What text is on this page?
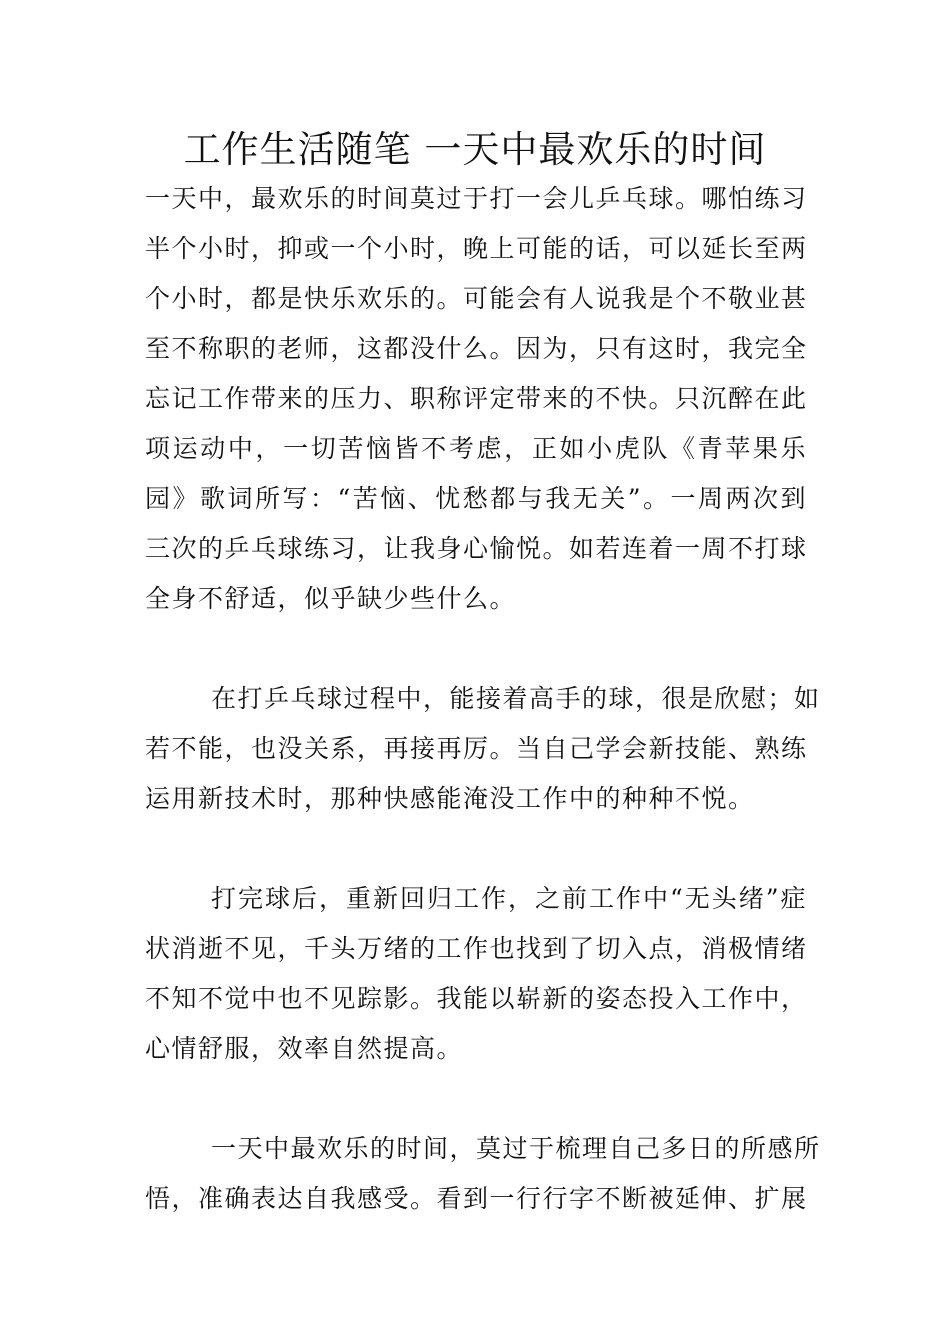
工作生活随笔 一天中最欢乐的时间
一天中，最欢乐的时间莫过于打一会儿乒乓球。哪怕练习
半个小时，抑或一个小时，晚上可能的话，可以延长至两
个小时，都是快乐欢乐的。可能会有人说我是个不敬业甚
至不称职的老师，这都没什么。因为，只有这时，我完全
忘记工作带来的压力、职称评定带来的不快。只沉醉在此
项运动中，一切苦恼皆不考虑，正如小虎队《青苹果乐
园》歌词所写：“苦恼、忧愁都与我无关”。一周两次到
三次的乒乓球练习，让我身心愉悦。如若连着一周不打球
全身不舒适，似乎缺少些什么。
在打乒乓球过程中，能接着高手的球，很是欣慰；如
若不能，也没关系，再接再厉。当自己学会新技能、熟练
运用新技术时，那种快感能淹没工作中的种种不悦。
打完球后，重新回归工作，之前工作中“无头绪”症
状消逝不见，千头万绪的工作也找到了切入点，消极情绪
不知不觉中也不见踪影。我能以崭新的姿态投入工作中，
心情舒服，效率自然提高。
一天中最欢乐的时间，莫过于梳理自己多日的所感所
悟，准确表达自我感受。看到一行行字不断被延伸、扩展
